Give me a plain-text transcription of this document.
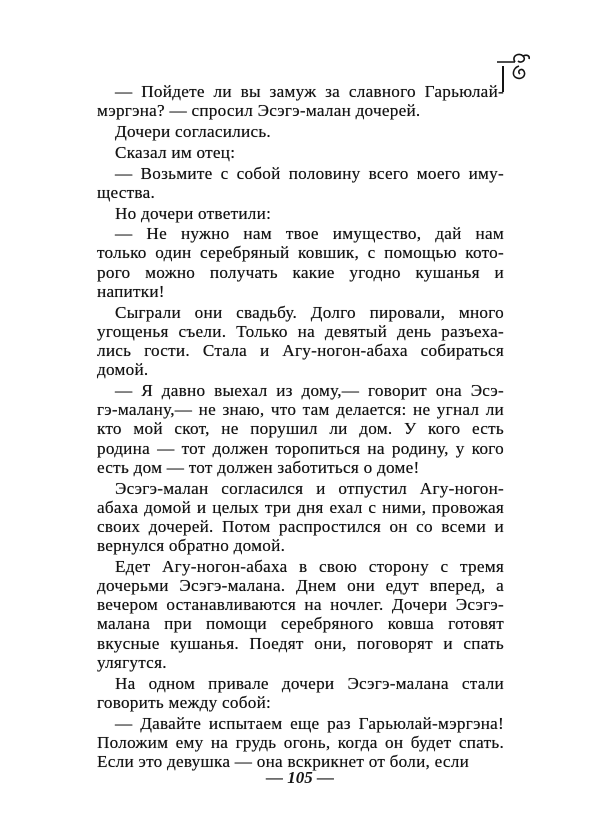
— Пойдете ли вы замуж за славного Гарьюлай-
мэргэна? — спросил Эсэгэ-малан дочерей.
Дочери согласились.
Сказал им отец:
— Возьмите с собой половину всего моего иму-
щества.
Но дочери ответили:
— Не нужно нам твое имущество, дай нам
только один серебряный ковшик, с помощью кото-
рого можно получать какие угодно кушанья и
напитки!
Сыграли они свадьбу. Долго пировали, много
угощенья съели. Только на девятый день разъеха-
лись гости. Стала и Агу-ногон-абаха собираться
домой.
— Я давно выехал из дому,— говорит она Эсэ-
гэ-малану,— не знаю, что там делается: не угнал ли
кто мой скот, не порушил ли дом. У кого есть
родина — тот должен торопиться на родину, у кого
есть дом — тот должен заботиться о доме!
Эсэгэ-малан согласился и отпустил Агу-ногон-
абаха домой и целых три дня ехал с ними, провожая
своих дочерей. Потом распростился он со всеми и
вернулся обратно домой.
Едет Агу-ногон-абаха в свою сторону с тремя
дочерьми Эсэгэ-малана. Днем они едут вперед, а
вечером останавливаются на ночлег. Дочери Эсэгэ-
малана при помощи серебряного ковша готовят
вкусные кушанья. Поедят они, поговорят и спать
улягутся.
На одном привале дочери Эсэгэ-малана стали
говорить между собой:
— Давайте испытаем еще раз Гарьюлай-мэргэна!
Положим ему на грудь огонь, когда он будет спать.
Если это девушка — она вскрикнет от боли, если
— 105 —
